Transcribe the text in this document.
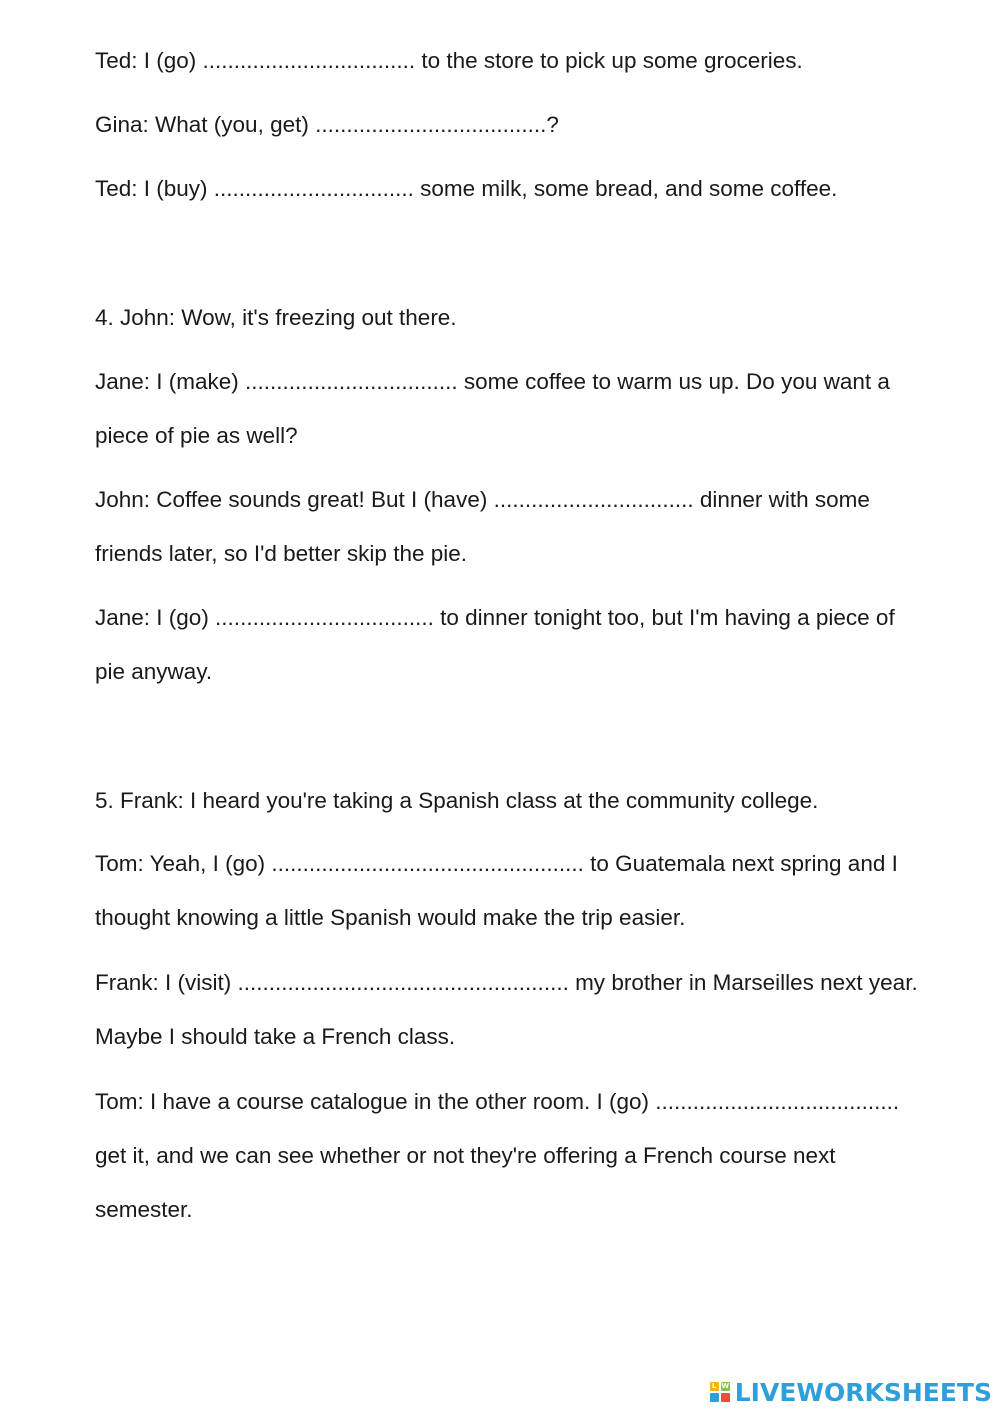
Ted: I (go) .................................. to the store to pick up some groceries.

Gina: What (you, get) .....................................?

Ted: I (buy) ................................ some milk, some bread, and some coffee.

4. John: Wow, it's freezing out there.

Jane: I (make) .................................. some coffee to warm us up. Do you want a

piece of pie as well?

John: Coffee sounds great! But I (have) ................................ dinner with some

friends later, so I'd better skip the pie.

Jane: I (go) ................................... to dinner tonight too, but I'm having a piece of

pie anyway.

5. Frank: I heard you're taking a Spanish class at the community college.

Tom: Yeah, I (go) .................................................. to Guatemala next spring and I

thought knowing a little Spanish would make the trip easier.

Frank: I (visit) ..................................................... my brother in Marseilles next year.

Maybe I should take a French class.

Tom: I have a course catalogue in the other room. I (go) .......................................

get it, and we can see whether or not they're offering a French course next

semester.

L W LIVEWORKSHEETS
